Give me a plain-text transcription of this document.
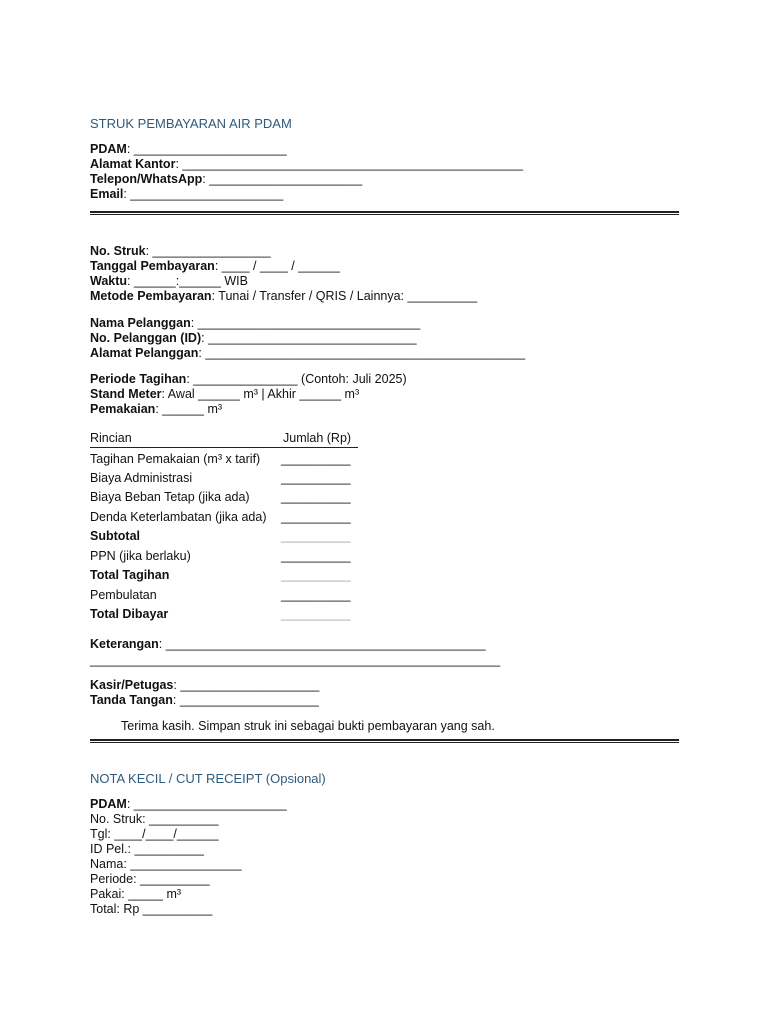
STRUK PEMBAYARAN AIR PDAM
PDAM: ______________________
Alamat Kantor: _________________________________________________
Telepon/WhatsApp: ______________________
Email: ______________________
No. Struk: _________________
Tanggal Pembayaran: ____ / ____ / ______
Waktu: ______:______ WIB
Metode Pembayaran: Tunai / Transfer / QRIS / Lainnya: __________
Nama Pelanggan: ________________________________
No. Pelanggan (ID): ______________________________
Alamat Pelanggan: ______________________________________________
Periode Tagihan: _______________ (Contoh: Juli 2025)
Stand Meter: Awal ______ m³ | Akhir ______ m³
Pemakaian: ______ m³
Rincian	Jumlah (Rp)
Tagihan Pemakaian (m³ x tarif) __________
Biaya Administrasi	__________
Biaya Beban Tetap (jika ada)	__________
Denda Keterlambatan (jika ada) __________
Subtotal	__________
PPN (jika berlaku)	__________
Total Tagihan	__________
Pembulatan	__________
Total Dibayar	__________
Keterangan: ______________________________________________
___________________________________________________________
Kasir/Petugas: ____________________
Tanda Tangan: ____________________
Terima kasih. Simpan struk ini sebagai bukti pembayaran yang sah.
NOTA KECIL / CUT RECEIPT (Opsional)
PDAM: ______________________
No. Struk: __________
Tgl: ____/____/______
ID Pel.: __________
Nama: ________________
Periode: __________
Pakai: _____ m³
Total: Rp __________
